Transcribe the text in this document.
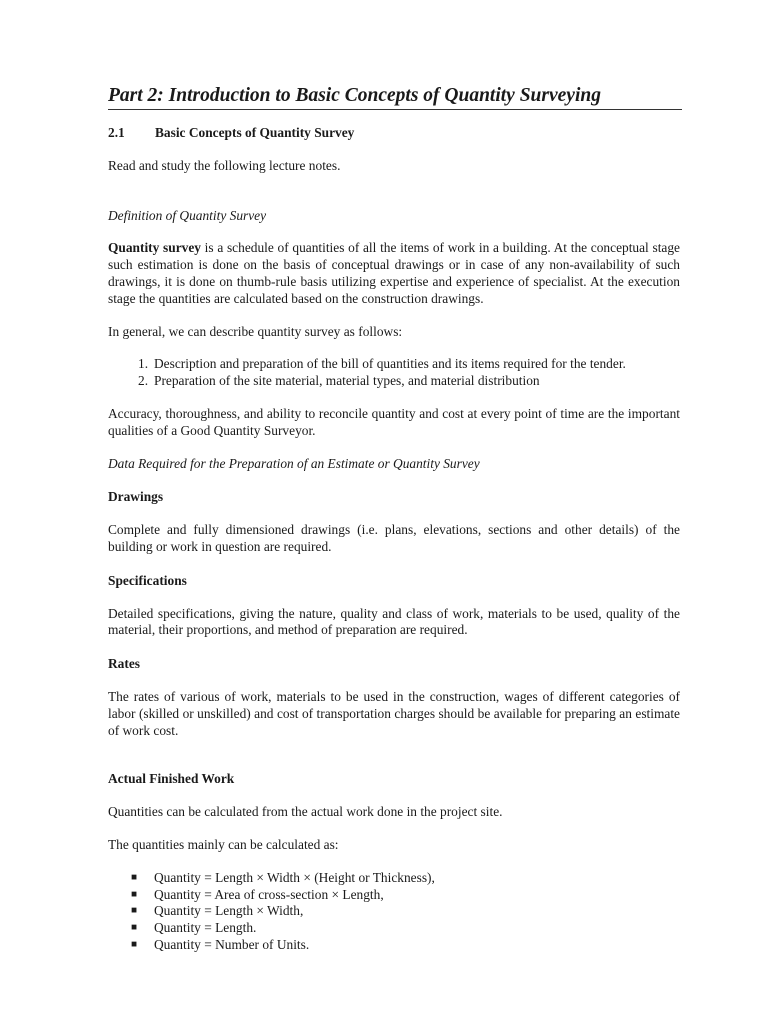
Part 2: Introduction to Basic Concepts of Quantity Surveying
2.1	Basic Concepts of Quantity Survey

Read and study the following lecture notes.

Definition of Quantity Survey

Quantity survey is a schedule of quantities of all the items of work in a building. At the conceptual stage such estimation is done on the basis of conceptual drawings or in case of any non-availability of such drawings, it is done on thumb-rule basis utilizing expertise and experience of specialist. At the execution stage the quantities are calculated based on the construction drawings.

In general, we can describe quantity survey as follows:

1. Description and preparation of the bill of quantities and its items required for the tender.
2. Preparation of the site material, material types, and material distribution

Accuracy, thoroughness, and ability to reconcile quantity and cost at every point of time are the important qualities of a Good Quantity Surveyor.

Data Required for the Preparation of an Estimate or Quantity Survey

Drawings

Complete and fully dimensioned drawings (i.e. plans, elevations, sections and other details) of the building or work in question are required.

Specifications

Detailed specifications, giving the nature, quality and class of work, materials to be used, quality of the material, their proportions, and method of preparation are required.

Rates

The rates of various of work, materials to be used in the construction, wages of different categories of labor (skilled or unskilled) and cost of transportation charges should be available for preparing an estimate of work cost.

Actual Finished Work

Quantities can be calculated from the actual work done in the project site.

The quantities mainly can be calculated as:

■	Quantity = Length × Width × (Height or Thickness),
■	Quantity = Area of cross-section × Length,
■	Quantity = Length × Width,
■	Quantity = Length.
■	Quantity = Number of Units.
